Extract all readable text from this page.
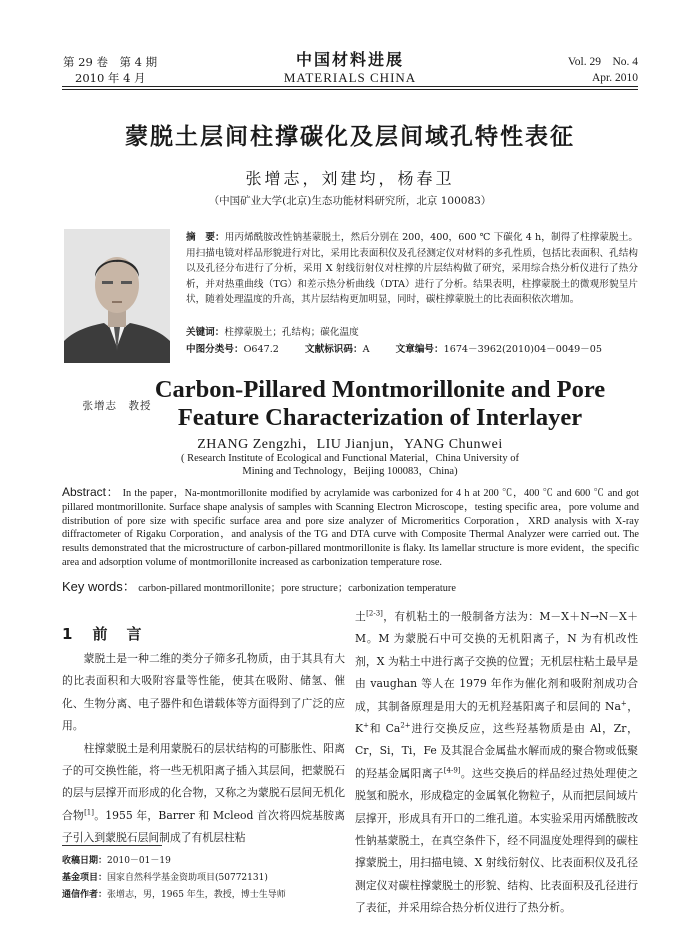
第 29 卷　第 4 期
2010 年 4 月
中国材料进展
MATERIALS CHINA
Vol. 29　No. 4
Apr. 2010
蒙脱土层间柱撑碳化及层间域孔特性表征
张增志，刘建均，杨春卫
（中国矿业大学(北京)生态功能材料研究所，北京 100083）
张增志　教授
摘　要：用丙烯酰胺改性钠基蒙脱土，然后分别在 200，400，600 ℃ 下碳化 4 h，制得了柱撑蒙脱土。用扫描电镜对样品形貌进行对比，采用比表面积仪及孔径测定仪对材料的多孔性质，包括比表面积、孔结构以及孔径分布进行了分析，采用 X 射线衍射仪对柱撑的片层结构做了研究，采用综合热分析仪进行了热分析，并对热重曲线（TG）和差示热分析曲线（DTA）进行了分析。结果表明，柱撑蒙脱土的微观形貌呈片状，随着处理温度的升高，其片层结构更加明显，同时，碳柱撑蒙脱土的比表面积依次增加。
关键词：柱撑蒙脱土；孔结构；碳化温度
中图分类号：O647.2	文献标识码：A	文章编号：1674－3962(2010)04－0049－05
Carbon-Pillared Montmorillonite and Pore Feature Characterization of Interlayer
ZHANG Zengzhi，LIU Jianjun，YANG Chunwei
( Research Institute of Ecological and Functional Material，China University of Mining and Technology，Beijing 100083，China)
Abstract： In the paper，Na-montmorillonite modified by acrylamide was carbonized for 4 h at 200 ℃，400 ℃ and 600 ℃ and got pillared montmorillonite. Surface shape analysis of samples with Scanning Electron Microscope，testing specific area，pore volume and distribution of pore size with specific surface area and pore size analyzer of Micromeritics Corporation，XRD analysis with X-ray diffractometer of Rigaku Corporation，and analysis of the TG and DTA curve with Composite Thermal Analyzer were carried out. The results demonstrated that the microstructure of carbon-pillared montmorillonite is flaky. Its lamellar structure is more evident，the specific area and adsorption volume of montmorillonite increased as carbonization temperature rose.
Key words： carbon-pillared montmorillonite；pore structure；carbonization temperature
1 前　言

蒙脱土是一种二维的类分子筛多孔物质，由于其具有大的比表面积和大吸附容量等性能，使其在吸附、储氢、催化、生物分离、电子器件和色谱载体等方面得到了广泛的应用。

柱撑蒙脱土是利用蒙脱石的层状结构的可膨胀性、阳离子的可交换性能，将一些无机阳离子插入其层间，把蒙脱石的层与层撑开而形成的化合物，又称之为蒙脱石层间无机化合物[1]。1955 年，Barrer 和 Mcleod 首次将四烷基胺离子引入到蒙脱石层间制成了有机层柱粘

土[2-3]，有机粘土的一般制备方法为：M－X＋N→N－X＋M。M 为蒙脱石中可交换的无机阳离子，N 为有机改性剂，X 为粘土中进行离子交换的位置；无机层柱粘土最早是由 vaughan 等人在 1979 年作为催化剂和吸附剂成功合成，其制备原理是用大的无机羟基阳离子和层间的 Na+，K+和 $Ca^{2+}$进行交换反应，这些羟基物质是由 Al，Zr，Cr，Si，Ti，Fe 及其混合金属盐水解而成的聚合物或低聚的羟基金属阳离子[4-9]。这些交换后的样品经过热处理使之脱氢和脱水，形成稳定的金属氧化物粒子，从而把层间域片层撑开，形成具有开口的二维孔道。本实验采用丙烯酰胺改性钠基蒙脱土，在真空条件下，经不同温度处理得到的碳柱撑蒙脱土，用扫描电镜、X 射线衍射仪、比表面积仪及孔径测定仪对碳柱撑蒙脱土的形貌、结构、比表面积及孔径进行了表征，并采用综合热分析仪进行了热分析。

收稿日期：2010－01－19
基金项目：国家自然科学基金资助项目(50772131)
通信作者：张增志，男，1965 年生，教授，博士生导师
